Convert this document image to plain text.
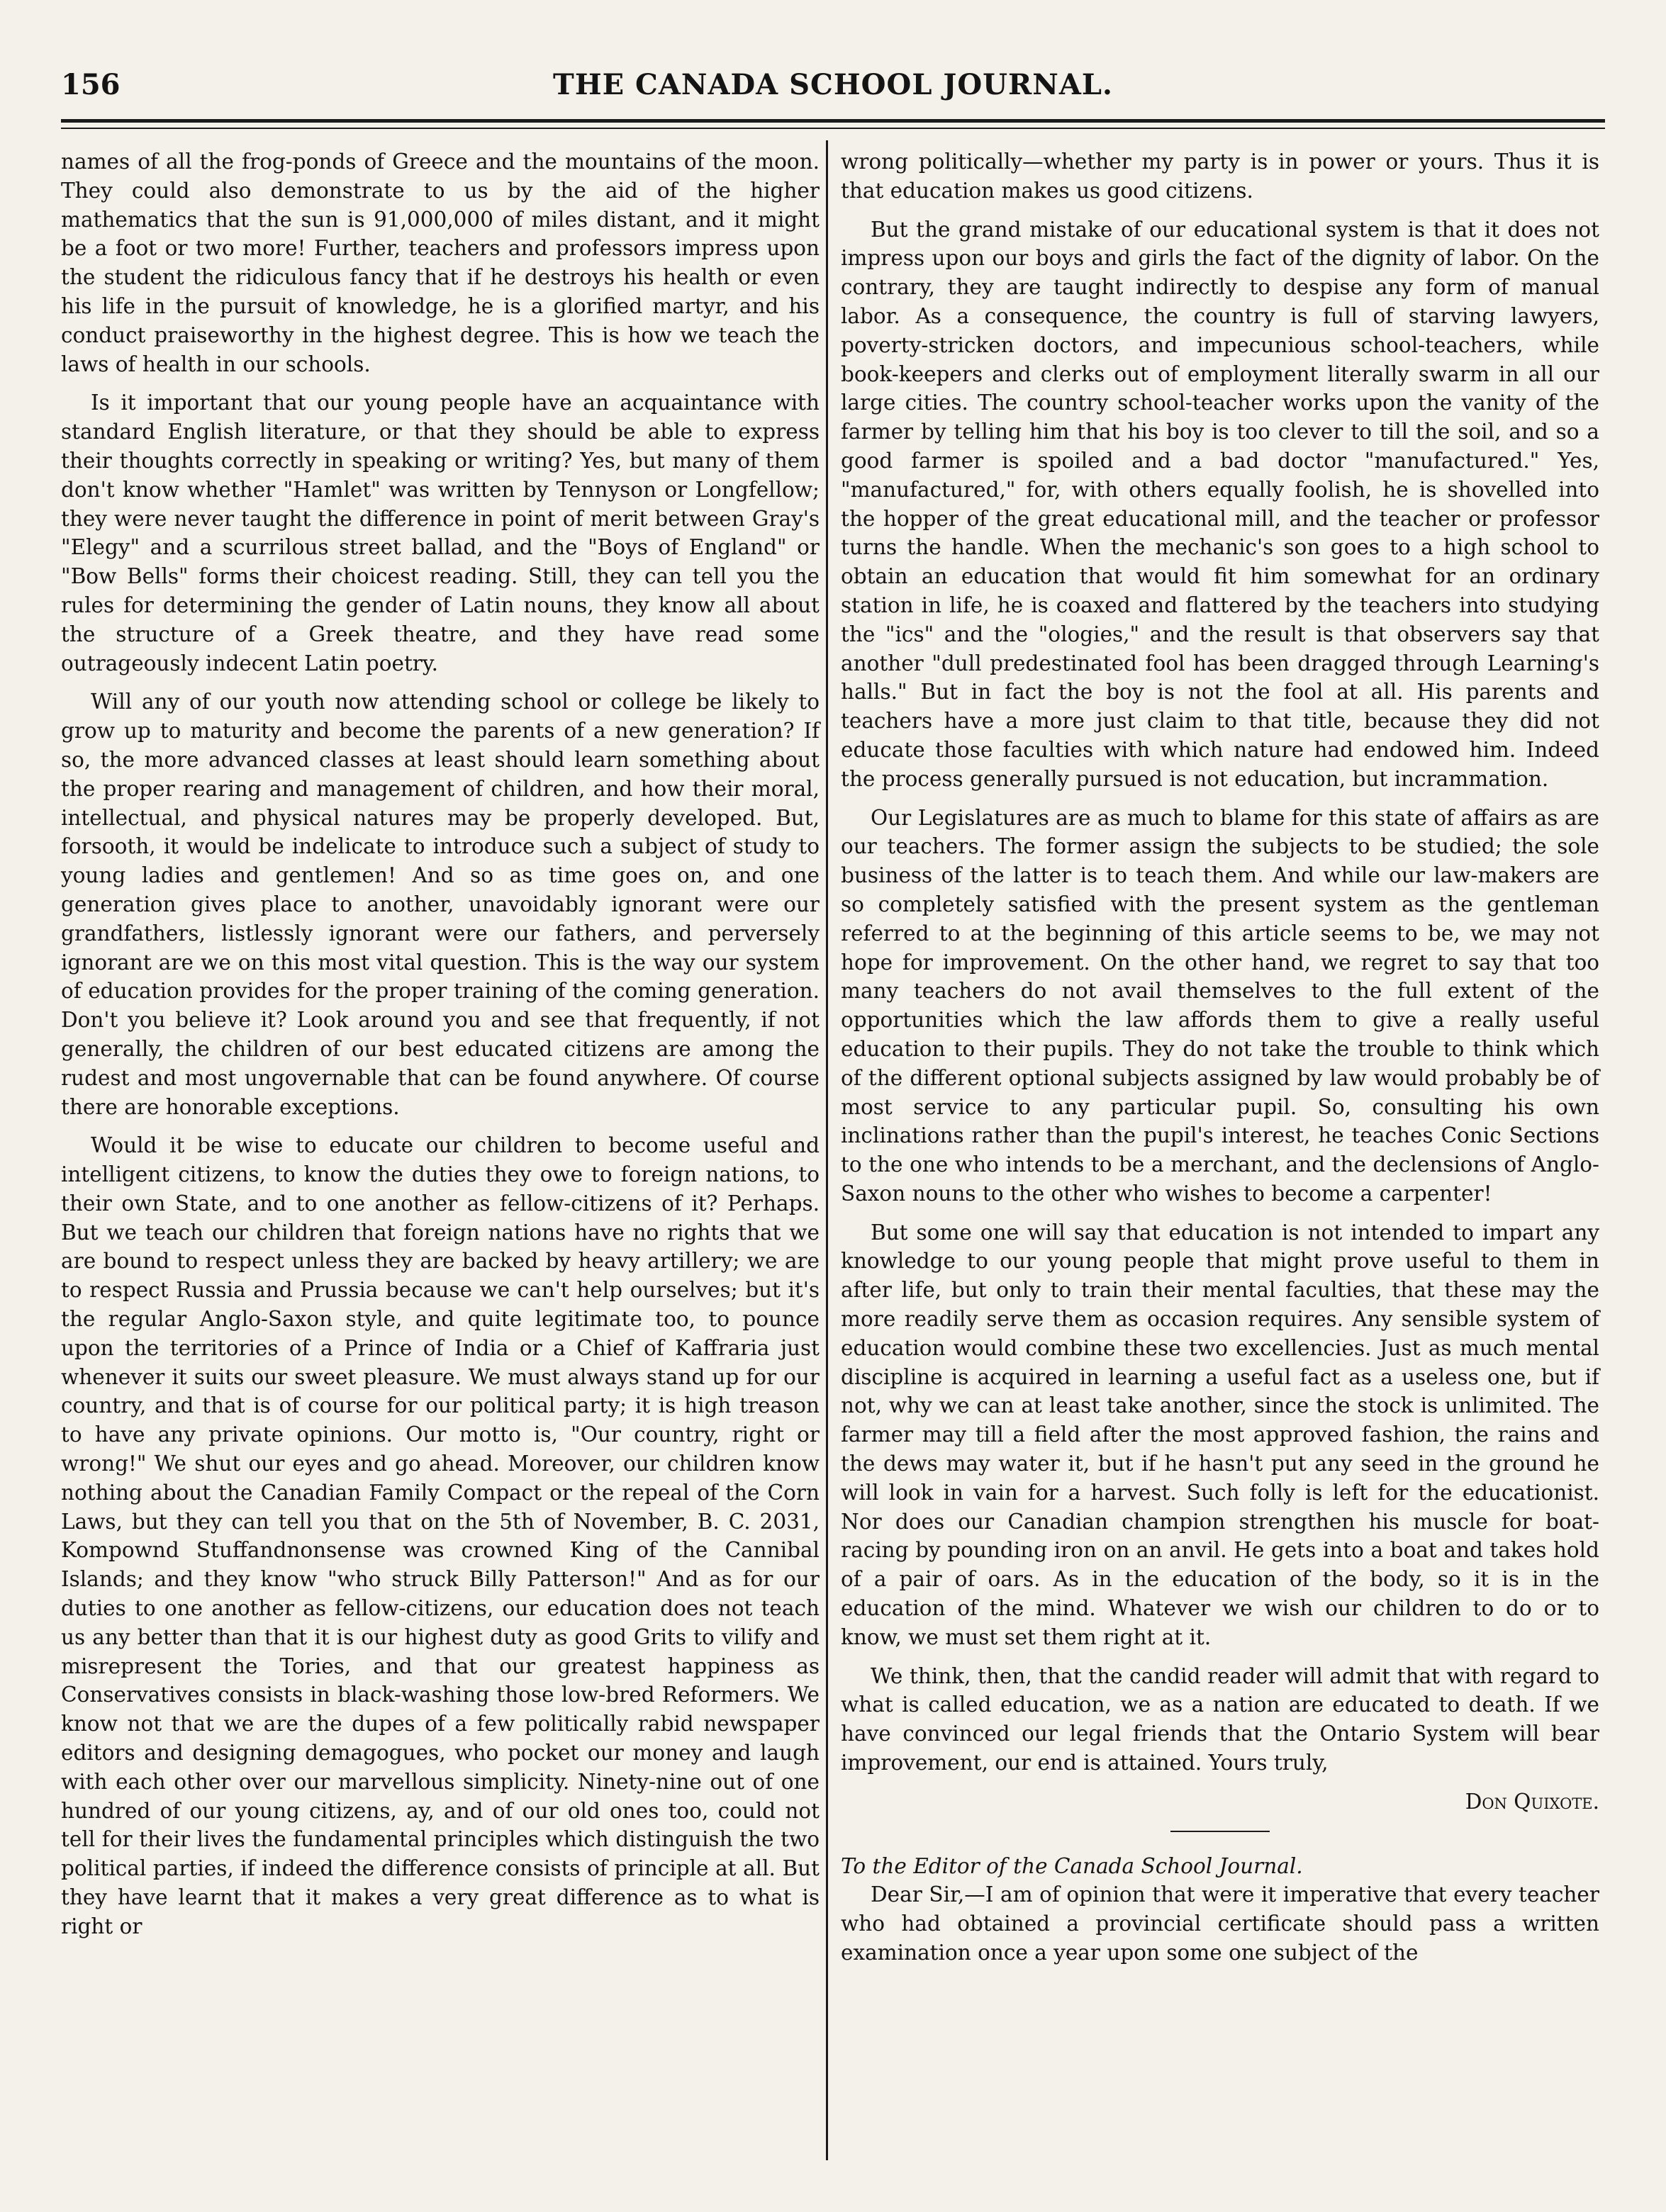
156	THE CANADA SCHOOL JOURNAL.

names of all the frog-ponds of Greece and the mountains of the moon. They could also demonstrate to us by the aid of the higher mathematics that the sun is 91,000,000 of miles distant, and it might be a foot or two more! Further, teachers and professors impress upon the student the ridiculous fancy that if he destroys his health or even his life in the pursuit of knowledge, he is a glorified martyr, and his conduct praiseworthy in the highest degree. This is how we teach the laws of health in our schools.

Is it important that our young people have an acquaintance with standard English literature, or that they should be able to express their thoughts correctly in speaking or writing? Yes, but many of them don't know whether "Hamlet" was written by Tennyson or Longfellow; they were never taught the difference in point of merit between Gray's "Elegy" and a scurrilous street ballad, and the "Boys of England" or "Bow Bells" forms their choicest reading. Still, they can tell you the rules for determining the gender of Latin nouns, they know all about the structure of a Greek theatre, and they have read some outrageously indecent Latin poetry.

Will any of our youth now attending school or college be likely to grow up to maturity and become the parents of a new generation? If so, the more advanced classes at least should learn something about the proper rearing and management of children, and how their moral, intellectual, and physical natures may be properly developed. But, forsooth, it would be indelicate to introduce such a subject of study to young ladies and gentlemen! And so as time goes on, and one generation gives place to another, unavoidably ignorant were our grandfathers, listlessly ignorant were our fathers, and perversely ignorant are we on this most vital question. This is the way our system of education provides for the proper training of the coming generation. Don't you believe it? Look around you and see that frequently, if not generally, the children of our best educated citizens are among the rudest and most ungovernable that can be found anywhere. Of course there are honorable exceptions.

Would it be wise to educate our children to become useful and intelligent citizens, to know the duties they owe to foreign nations, to their own State, and to one another as fellow-citizens of it? Perhaps. But we teach our children that foreign nations have no rights that we are bound to respect unless they are backed by heavy artillery; we are to respect Russia and Prussia because we can't help ourselves; but it's the regular Anglo-Saxon style, and quite legitimate too, to pounce upon the territories of a Prince of India or a Chief of Kaffraria just whenever it suits our sweet pleasure. We must always stand up for our country, and that is of course for our political party; it is high treason to have any private opinions. Our motto is, "Our country, right or wrong!" We shut our eyes and go ahead. Moreover, our children know nothing about the Canadian Family Compact or the repeal of the Corn Laws, but they can tell you that on the 5th of November, B. C. 2031, Kompownd Stuffandnonsense was crowned King of the Cannibal Islands; and they know "who struck Billy Patterson!" And as for our duties to one another as fellow-citizens, our education does not teach us any better than that it is our highest duty as good Grits to vilify and misrepresent the Tories, and that our greatest happiness as Conservatives consists in black-washing those low-bred Reformers. We know not that we are the dupes of a few politically rabid newspaper editors and designing demagogues, who pocket our money and laugh with each other over our marvellous simplicity. Ninety-nine out of one hundred of our young citizens, ay, and of our old ones too, could not tell for their lives the fundamental principles which distinguish the two political parties, if indeed the difference consists of principle at all. But they have learnt that it makes a very great difference as to what is right or

wrong politically—whether my party is in power or yours. Thus it is that education makes us good citizens.

But the grand mistake of our educational system is that it does not impress upon our boys and girls the fact of the dignity of labor. On the contrary, they are taught indirectly to despise any form of manual labor. As a consequence, the country is full of starving lawyers, poverty-stricken doctors, and impecunious school-teachers, while book-keepers and clerks out of employment literally swarm in all our large cities. The country school-teacher works upon the vanity of the farmer by telling him that his boy is too clever to till the soil, and so a good farmer is spoiled and a bad doctor "manufactured." Yes, "manufactured," for, with others equally foolish, he is shovelled into the hopper of the great educational mill, and the teacher or professor turns the handle. When the mechanic's son goes to a high school to obtain an education that would fit him somewhat for an ordinary station in life, he is coaxed and flattered by the teachers into studying the "ics" and the "ologies," and the result is that observers say that another "dull predestinated fool has been dragged through Learning's halls." But in fact the boy is not the fool at all. His parents and teachers have a more just claim to that title, because they did not educate those faculties with which nature had endowed him. Indeed the process generally pursued is not education, but incrammation.

Our Legislatures are as much to blame for this state of affairs as are our teachers. The former assign the subjects to be studied; the sole business of the latter is to teach them. And while our law-makers are so completely satisfied with the present system as the gentleman referred to at the beginning of this article seems to be, we may not hope for improvement. On the other hand, we regret to say that too many teachers do not avail themselves to the full extent of the opportunities which the law affords them to give a really useful education to their pupils. They do not take the trouble to think which of the different optional subjects assigned by law would probably be of most service to any particular pupil. So, consulting his own inclinations rather than the pupil's interest, he teaches Conic Sections to the one who intends to be a merchant, and the declensions of Anglo-Saxon nouns to the other who wishes to become a carpenter!

But some one will say that education is not intended to impart any knowledge to our young people that might prove useful to them in after life, but only to train their mental faculties, that these may the more readily serve them as occasion requires. Any sensible system of education would combine these two excellencies. Just as much mental discipline is acquired in learning a useful fact as a useless one, but if not, why we can at least take another, since the stock is unlimited. The farmer may till a field after the most approved fashion, the rains and the dews may water it, but if he hasn't put any seed in the ground he will look in vain for a harvest. Such folly is left for the educationist. Nor does our Canadian champion strengthen his muscle for boat-racing by pounding iron on an anvil. He gets into a boat and takes hold of a pair of oars. As in the education of the body, so it is in the education of the mind. Whatever we wish our children to do or to know, we must set them right at it.

We think, then, that the candid reader will admit that with regard to what is called education, we as a nation are educated to death. If we have convinced our legal friends that the Ontario System will bear improvement, our end is attained. Yours truly,

Don Quixote.

To the Editor of the Canada School Journal.

Dear Sir,—I am of opinion that were it imperative that every teacher who had obtained a provincial certificate should pass a written examination once a year upon some one subject of the
